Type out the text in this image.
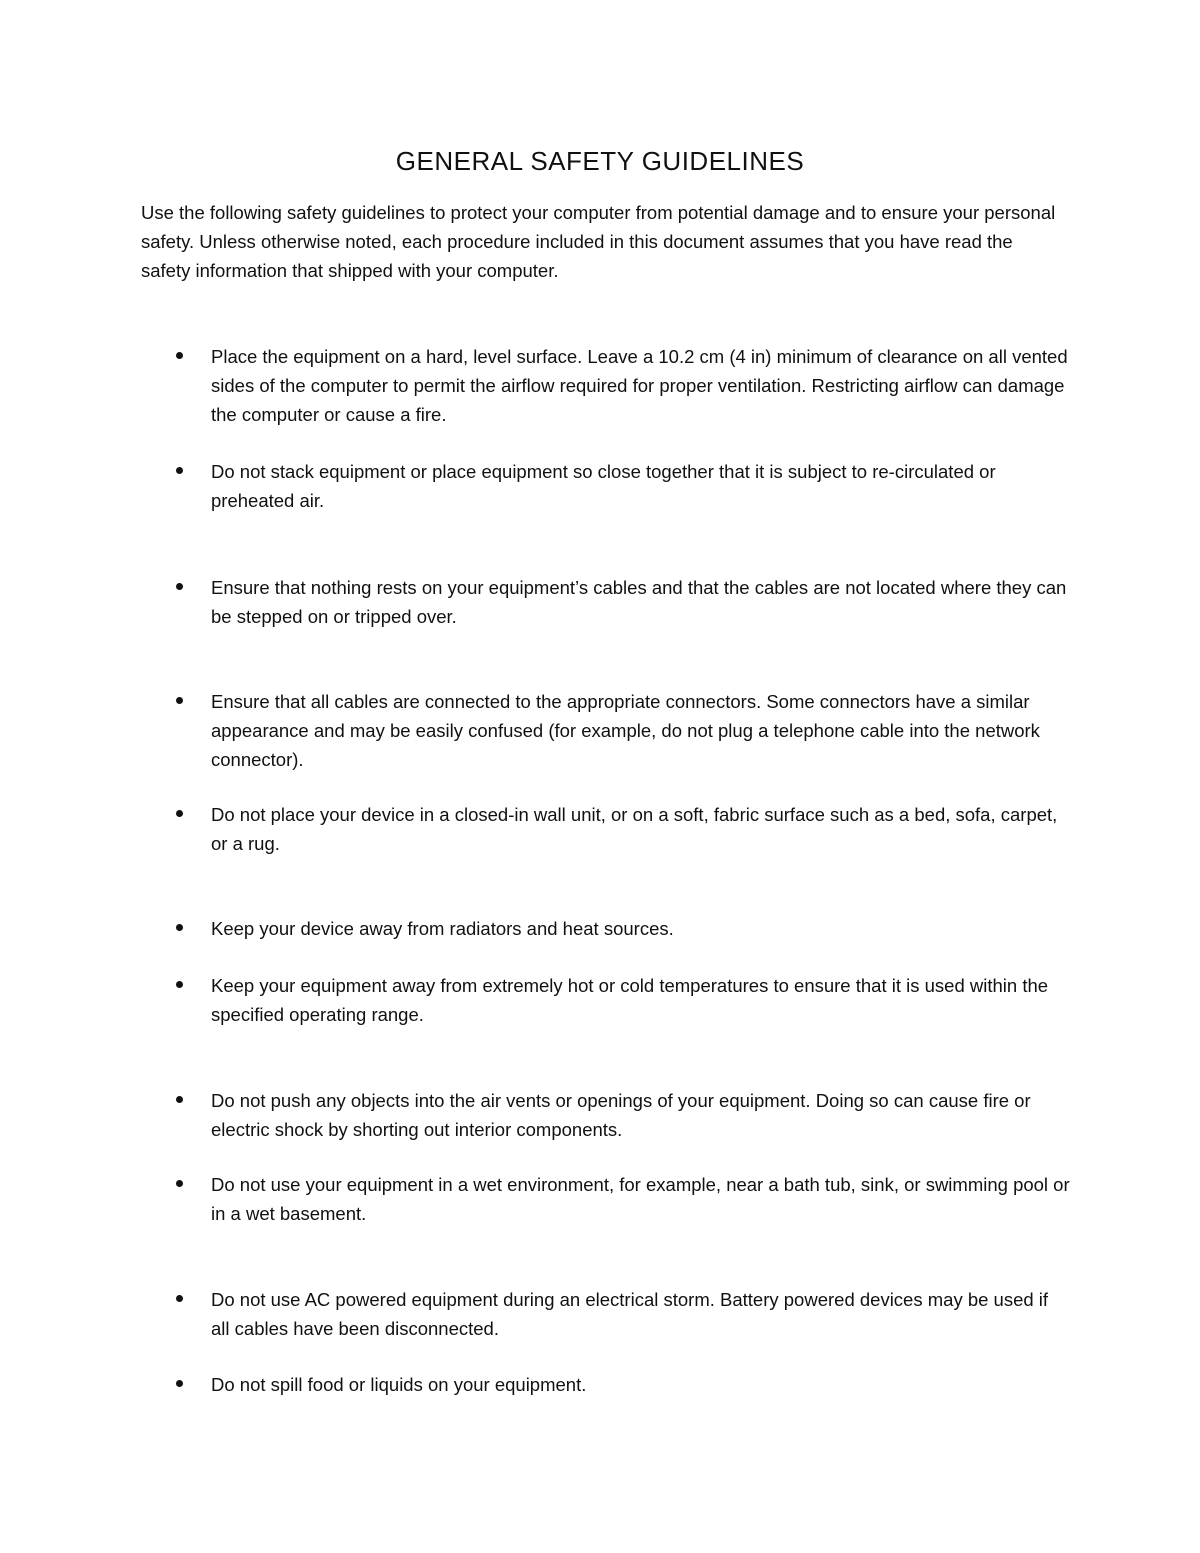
GENERAL SAFETY GUIDELINES

Use the following safety guidelines to protect your computer from potential damage and to ensure your personal safety. Unless otherwise noted, each procedure included in this document assumes that you have read the safety information that shipped with your computer.

Place the equipment on a hard, level surface. Leave a 10.2 cm (4 in) minimum of clearance on all vented sides of the computer to permit the airflow required for proper ventilation. Restricting airflow can damage the computer or cause a fire.
Do not stack equipment or place equipment so close together that it is subject to re-circulated or preheated air.
Ensure that nothing rests on your equipment’s cables and that the cables are not located where they can be stepped on or tripped over.
Ensure that all cables are connected to the appropriate connectors. Some connectors have a similar appearance and may be easily confused (for example, do not plug a telephone cable into the network connector).
Do not place your device in a closed-in wall unit, or on a soft, fabric surface such as a bed, sofa, carpet, or a rug.
Keep your device away from radiators and heat sources.
Keep your equipment away from extremely hot or cold temperatures to ensure that it is used within the specified operating range.
Do not push any objects into the air vents or openings of your equipment. Doing so can cause fire or electric shock by shorting out interior components.
Do not use your equipment in a wet environment, for example, near a bath tub, sink, or swimming pool or in a wet basement.
Do not use AC powered equipment during an electrical storm. Battery powered devices may be used if all cables have been disconnected.
Do not spill food or liquids on your equipment.
